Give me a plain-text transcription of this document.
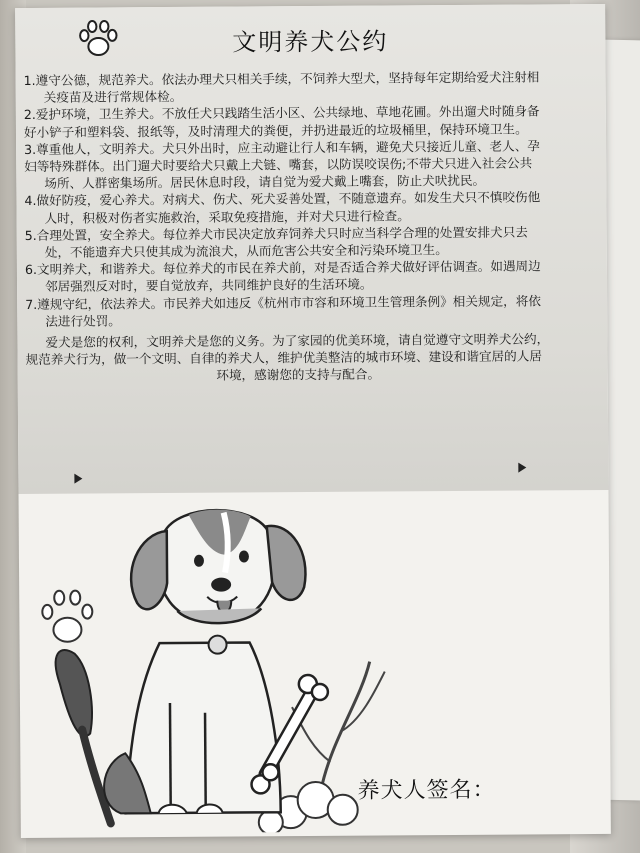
文明养犬公约
1.遵守公德，规范养犬。依法办理犬只相关手续，不饲养大型犬，坚持每年定期给爱犬注射相
关疫苗及进行常规体检。
2.爱护环境，卫生养犬。不放任犬只践踏生活小区、公共绿地、草地花圃。外出遛犬时随身备
好小铲子和塑料袋、报纸等，及时清理犬的粪便，并扔进最近的垃圾桶里，保持环境卫生。
3.尊重他人，文明养犬。犬只外出时，应主动避让行人和车辆，避免犬只接近儿童、老人、孕
妇等特殊群体。出门遛犬时要给犬只戴上犬链、嘴套，以防误咬误伤;不带犬只进入社会公共
场所、人群密集场所。居民休息时段，请自觉为爱犬戴上嘴套，防止犬吠扰民。
4.做好防疫，爱心养犬。对病犬、伤犬、死犬妥善处置，不随意遗弃。如发生犬只不慎咬伤他
人时，积极对伤者实施救治，采取免疫措施，并对犬只进行检查。
5.合理处置，安全养犬。每位养犬市民决定放弃饲养犬只时应当科学合理的处置安排犬只去
处，不能遗弃犬只使其成为流浪犬，从而危害公共安全和污染环境卫生。
6.文明养犬，和谐养犬。每位养犬的市民在养犬前，对是否适合养犬做好评估调查。如遇周边
邻居强烈反对时，要自觉放弃，共同维护良好的生活环境。
7.遵规守纪，依法养犬。市民养犬如违反《杭州市市容和环境卫生管理条例》相关规定，将依
法进行处罚。
爱犬是您的权利，文明养犬是您的义务。为了家园的优美环境，请自觉遵守文明养犬公约，
规范养犬行为，做一个文明、自律的养犬人，维护优美整洁的城市环境、建设和谐宜居的人居
环境，感谢您的支持与配合。
养犬人签名：
